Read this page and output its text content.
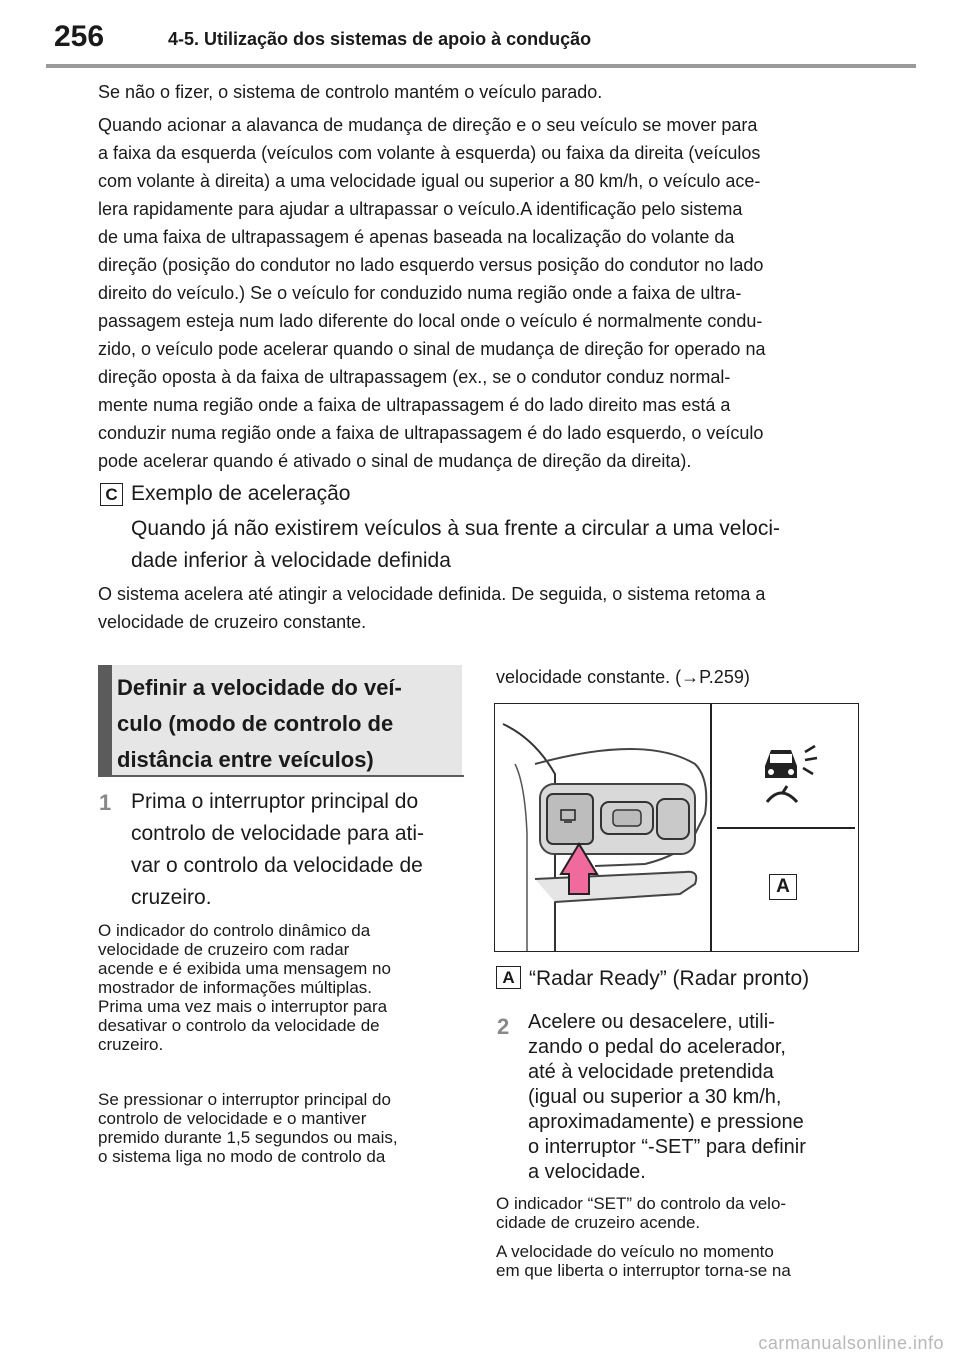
256	4-5. Utilização dos sistemas de apoio à condução
Se não o fizer, o sistema de controlo mantém o veículo parado.
Quando acionar a alavanca de mudança de direção e o seu veículo se mover para
a faixa da esquerda (veículos com volante à esquerda) ou faixa da direita (veículos
com volante à direita) a uma velocidade igual ou superior a 80 km/h, o veículo ace-
lera rapidamente para ajudar a ultrapassar o veículo.A identificação pelo sistema
de uma faixa de ultrapassagem é apenas baseada na localização do volante da
direção (posição do condutor no lado esquerdo versus posição do condutor no lado
direito do veículo.) Se o veículo for conduzido numa região onde a faixa de ultra-
passagem esteja num lado diferente do local onde o veículo é normalmente condu-
zido, o veículo pode acelerar quando o sinal de mudança de direção for operado na
direção oposta à da faixa de ultrapassagem (ex., se o condutor conduz normal-
mente numa região onde a faixa de ultrapassagem é do lado direito mas está a
conduzir numa região onde a faixa de ultrapassagem é do lado esquerdo, o veículo
pode acelerar quando é ativado o sinal de mudança de direção da direita).
C Exemplo de aceleração
Quando já não existirem veículos à sua frente a circular a uma veloci-
dade inferior à velocidade definida
O sistema acelera até atingir a velocidade definida. De seguida, o sistema retoma a
velocidade de cruzeiro constante.
Definir a velocidade do veí-
culo (modo de controlo de
distância entre veículos)
1 Prima o interruptor principal do
controlo de velocidade para ati-
var o controlo da velocidade de
cruzeiro.
O indicador do controlo dinâmico da
velocidade de cruzeiro com radar
acende e é exibida uma mensagem no
mostrador de informações múltiplas.
Prima uma vez mais o interruptor para
desativar o controlo da velocidade de
cruzeiro.
Se pressionar o interruptor principal do
controlo de velocidade e o mantiver
premido durante 1,5 segundos ou mais,
o sistema liga no modo de controlo da
velocidade constante. (→P.259)
A
A “Radar Ready” (Radar pronto)
2 Acelere ou desacelere, utili-
zando o pedal do acelerador,
até à velocidade pretendida
(igual ou superior a 30 km/h,
aproximadamente) e pressione
o interruptor “-SET” para definir
a velocidade.
O indicador “SET” do controlo da velo-
cidade de cruzeiro acende.
A velocidade do veículo no momento
em que liberta o interruptor torna-se na
carmanualsonline.info
